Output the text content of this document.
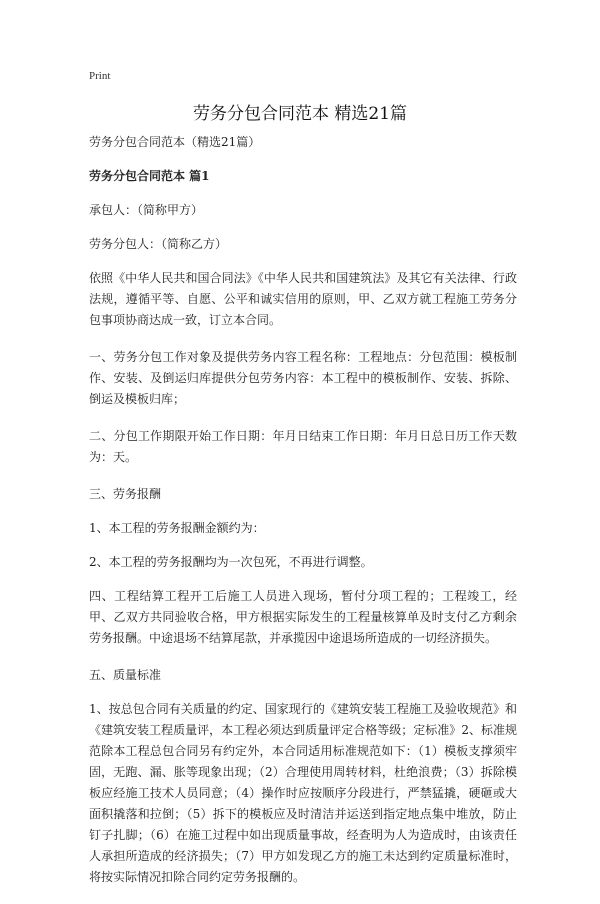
Print
劳务分包合同范本 精选21篇

劳务分包合同范本（精选21篇）

劳务分包合同范本 篇1

承包人：（简称甲方）

劳务分包人：（简称乙方）

依照《中华人民共和国合同法》《中华人民共和国建筑法》及其它有关法律、行政法规，遵循平等、自愿、公平和诚实信用的原则，甲、乙双方就工程施工劳务分包事项协商达成一致，订立本合同。

一、劳务分包工作对象及提供劳务内容工程名称：工程地点：分包范围：模板制作、安装、及倒运归库提供分包劳务内容：本工程中的模板制作、安装、拆除、倒运及模板归库；

二、分包工作期限开始工作日期：年月日结束工作日期：年月日总日历工作天数为：天。

三、劳务报酬

1、本工程的劳务报酬金额约为：

2、本工程的劳务报酬均为一次包死，不再进行调整。

四、工程结算工程开工后施工人员进入现场，暂付分项工程的；工程竣工，经甲、乙双方共同验收合格，甲方根据实际发生的工程量核算单及时支付乙方剩余劳务报酬。中途退场不结算尾款，并承揽因中途退场所造成的一切经济损失。

五、质量标准

1、按总包合同有关质量的约定、国家现行的《建筑安装工程施工及验收规范》和《建筑安装工程质量评，本工程必须达到质量评定合格等级；定标准》2、标准规范除本工程总包合同另有约定外，本合同适用标准规范如下：（1）模板支撑须牢固，无跑、漏、胀等现象出现；（2）合理使用周转材料，杜绝浪费；（3）拆除模板应经施工技术人员同意；（4）操作时应按顺序分段进行，严禁猛撬，硬砸或大面积撬落和拉倒；（5）拆下的模板应及时清洁并运送到指定地点集中堆放，防止钉子扎脚；（6）在施工过程中如出现质量事故，经查明为人为造成时，由该责任人承担所造成的经济损失；（7）甲方如发现乙方的施工未达到约定质量标准时，将按实际情况扣除合同约定劳务报酬的。
